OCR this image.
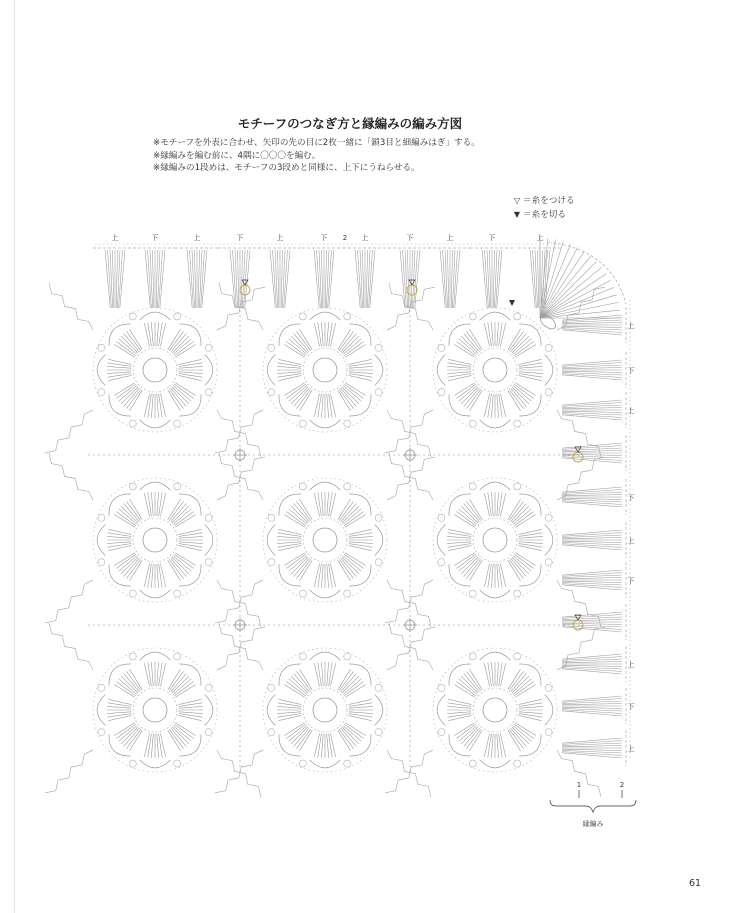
モチーフのつなぎ方と縁編みの編み方図
※モチーフを外表に合わせ、矢印の先の目に2枚一緒に「鎖3目と細編みはぎ」する。
※縁編みを編む前に、4隅に〇〇〇を編む。
※縁編みの1段めは、モチーフの3段めと同様に、上下にうねらせる。
▽ ＝糸をつける
▼ ＝糸を切る
上	下	上	下	上	下	上	下	上	下	上
上
下
上
下
上
下
上
下
上
2
1	2
縁編み
61
